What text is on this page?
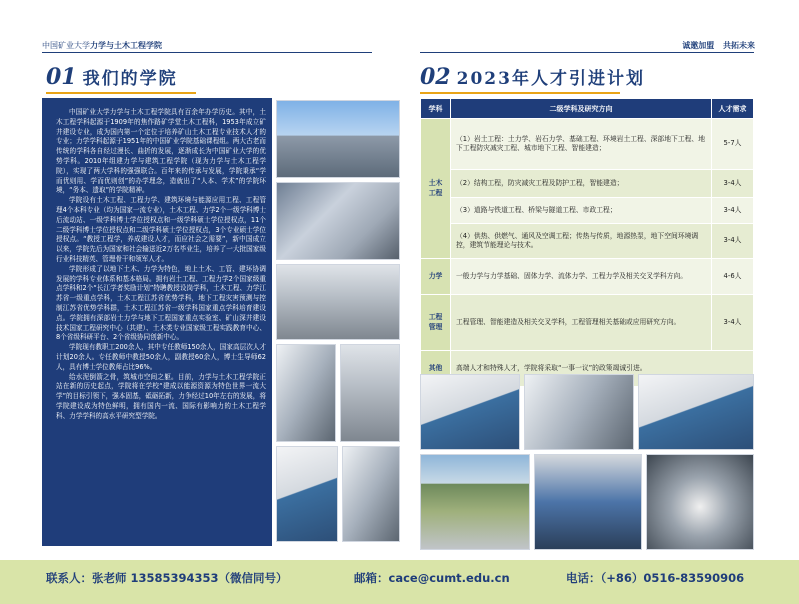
中国矿业大学力学与土木工程学院	诚邀加盟 共拓未来
01 我们的学院	02 2023年人才引进计划

中国矿业大学力学与土木工程学院具有百余年办学历史。其中，土木工程学科起源于1909年的焦作路矿学堂土木工程科，1953年成立矿井建设专业，成为国内第一个定位于培养矿山土木工程专业技术人才的专业；力学学科起源于1951年的中国矿业学院基础课程组。两大古老而传统的学科各自经过漫长、曲折的发展，逐渐成长为中国矿业大学的优势学科。2010年组建力学与建筑工程学院（现为力学与土木工程学院），实现了两大学科的强强联合。百年来的传承与发展，学院秉承“学而优则用、学而优则创”的办学理念，造就出了“人本、学术”的学院环境，“务本、遗取”的学院精神。

学院设有土木工程、工程力学、建筑环境与能源应用工程、工程管理4个本科专业（均为国家一流专业），土木工程、力学2个一级学科博士后流动站、一级学科博士学位授权点和一级学科硕士学位授权点，11个二级学科博士学位授权点和二级学科硕士学位授权点，3个专业硕士学位授权点。“教授工程学，养成建设人才，而应社会之需要”，新中国成立以来，学院先后为国家和社会输送近2万名毕业生，培养了一大批国家级行业科技精英、管理骨干和领军人才。

学院形成了以地下土木、力学为特色，地上土木、工管、建环协调发展的学科专业体系和基本格局。拥有岩土工程、工程力学2个国家级重点学科和2个“长江学者奖励计划”特聘教授设岗学科，土木工程、力学江苏省一级重点学科，土木工程江苏省优势学科，地下工程灾害预测与控制江苏省优势学科群，土木工程江苏省一级学科国家重点学科培育建设点。学院拥有深部岩土力学与地下工程国家重点实验室、矿山深井建设技术国家工程研究中心（共建）、土木类专业国家级工程实践教育中心、8个省级科研平台、2个省级协同创新中心。

学院现有教职工200余人，其中专任教师150余人，国家高层次人才计划20余人。专任教师中教授50余人，副教授60余人，博士生导师62人，具有博士学位教师占比96%。

给水泥倒箭之骨，筑城市空间之躯。目前，力学与土木工程学院正站在新的历史起点，学院将在学校“建成以能源资源为特色世界一流大学”的目标引领下，强本固基，砥砺拓新，力争经过10年左右的发展，将学院建设成为特色鲜明，拥有国内一流、国际有影响力的土木工程学科、力学学科的高水平研究型学院。

学科	二级学科及研究方向	人才需求
土木工程	（1）岩土工程：土力学、岩石力学、基础工程、环境岩土工程、深部地下工程、地下工程防灾减灾工程、城市地下工程、智能建造；	5-7人
	（2）结构工程，防灾减灾工程及防护工程，智能建造；	3-4人
	（3）道路与铁道工程、桥梁与隧道工程、市政工程；	3-4人
	（4）供热、供燃气、通风及空调工程；传热与传质，地源热泵，地下空间环境调控，建筑节能理论与技术。	3-4人
力学	一般力学与力学基础、固体力学、流体力学、工程力学及相关交叉学科方向。	4-6人
工程管理	工程管理、智能建造及相关交叉学科，工程管理相关基础或应用研究方向。	3-4人
其他	高端人才和特殊人才，学院将采取“一事一议”的政策竭诚引进。	
联系人：张老师 13585394353（微信同号）	邮箱：cace@cumt.edu.cn	电话：（+86）0516-83590906
